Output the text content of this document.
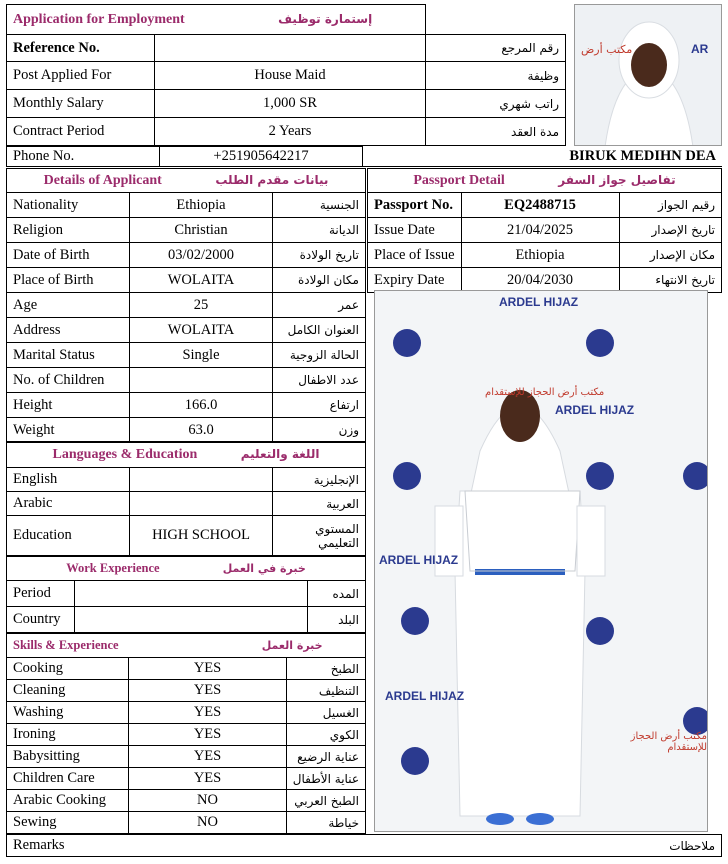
Application for Employment إستمارة توظيف		
Reference No.		رقم المرجع
Post Applied For	House Maid	وظيفة
Monthly Salary	1,000 SR	راتب شهري
Contract Period	2 Years	مدة العقد
مكتب أرض	AR
Phone No.	+251905642217	BIRUK MEDIHN DEA
Details of Applicant بيانات مقدم الطلب		
Nationality	Ethiopia	الجنسية
Religion	Christian	الديانة
Date of Birth	03/02/2000	تاريخ الولادة
Place of Birth	WOLAITA	مكان الولادة
Age	25	عمر
Address	WOLAITA	العنوان الكامل
Marital Status	Single	الحالة الزوجية
No. of Children		عدد الاطفال
Height	166.0	ارتفاع
Weight	63.0	وزن
Passport Detail تفاصيل جواز السفر		
Passport No.	EQ2488715	رقيم الجواز
Issue Date	21/04/2025	تاريخ الإصدار
Place of Issue	Ethiopia	مكان الإصدار
Expiry Date	20/04/2030	تاريخ الانتهاء
ARDEL HIJAZ
ARDEL HIJAZ
ARDEL HIJAZ
ARDEL HIJAZ
مكتب أرض الحجاز للإستقدام
مكتب أرض الحجاز للإستقدام
Languages & Education اللغة والتعليم		
English		الإنجليزية
Arabic		العربية
Education	HIGH SCHOOL	المستوي التعليمي
Work Experience خبرة في العمل		
Period		المده
Country		البلد
Skills & Experience خبرة العمل		
Cooking	YES	الطبخ
Cleaning	YES	التنظيف
Washing	YES	الغسيل
Ironing	YES	الكوي
Babysitting	YES	عناية الرضيع
Children Care	YES	عناية الأطفال
Arabic Cooking	NO	الطبخ العربي
Sewing	NO	خياطة
Remarks	ملاحظات
